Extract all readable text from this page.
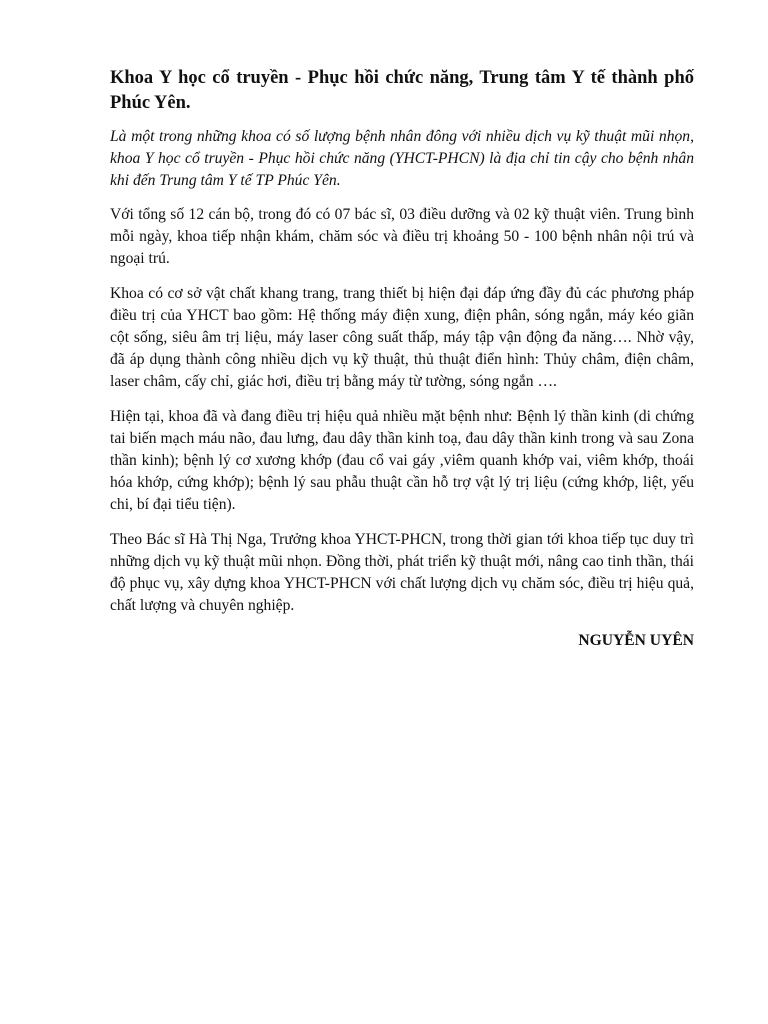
Khoa Y học cổ truyền - Phục hồi chức năng, Trung tâm Y tế thành phố Phúc Yên.

Là một trong những khoa có số lượng bệnh nhân đông với nhiều dịch vụ kỹ thuật mũi nhọn, khoa Y học cổ truyền - Phục hồi chức năng (YHCT-PHCN) là địa chỉ tin cậy cho bệnh nhân khi đến Trung tâm Y tế TP Phúc Yên.

Với tổng số 12 cán bộ, trong đó có 07 bác sĩ, 03 điều dưỡng và 02 kỹ thuật viên. Trung bình mỗi ngày, khoa tiếp nhận khám, chăm sóc và điều trị khoảng 50 - 100 bệnh nhân nội trú và ngoại trú.

Khoa có cơ sở vật chất khang trang, trang thiết bị hiện đại đáp ứng đầy đủ các phương pháp điều trị của YHCT bao gồm: Hệ thống máy điện xung, điện phân, sóng ngắn, máy kéo giãn cột sống, siêu âm trị liệu, máy laser công suất thấp, máy tập vận động đa năng…. Nhờ vậy, đã áp dụng thành công nhiều dịch vụ kỹ thuật, thủ thuật điển hình: Thủy châm, điện châm, laser châm, cấy chỉ, giác hơi, điều trị bằng máy từ tường, sóng ngắn ….

Hiện tại, khoa đã và đang điều trị hiệu quả nhiều mặt bệnh như: Bệnh lý thần kinh (di chứng tai biến mạch máu não, đau lưng, đau dây thần kinh toạ, đau dây thần kinh trong và sau Zona thần kinh); bệnh lý cơ xương khớp (đau cổ vai gáy ,viêm quanh khớp vai, viêm khớp, thoái hóa khớp, cứng khớp); bệnh lý sau phẫu thuật cần hỗ trợ vật lý trị liệu (cứng khớp, liệt, yếu chi, bí đại tiểu tiện).

Theo Bác sĩ Hà Thị Nga, Trưởng khoa YHCT-PHCN, trong thời gian tới khoa tiếp tục duy trì những dịch vụ kỹ thuật mũi nhọn. Đồng thời, phát triển kỹ thuật mới, nâng cao tinh thần, thái độ phục vụ, xây dựng khoa YHCT-PHCN với chất lượng dịch vụ chăm sóc, điều trị hiệu quả, chất lượng và chuyên nghiệp.

NGUYỄN UYÊN
